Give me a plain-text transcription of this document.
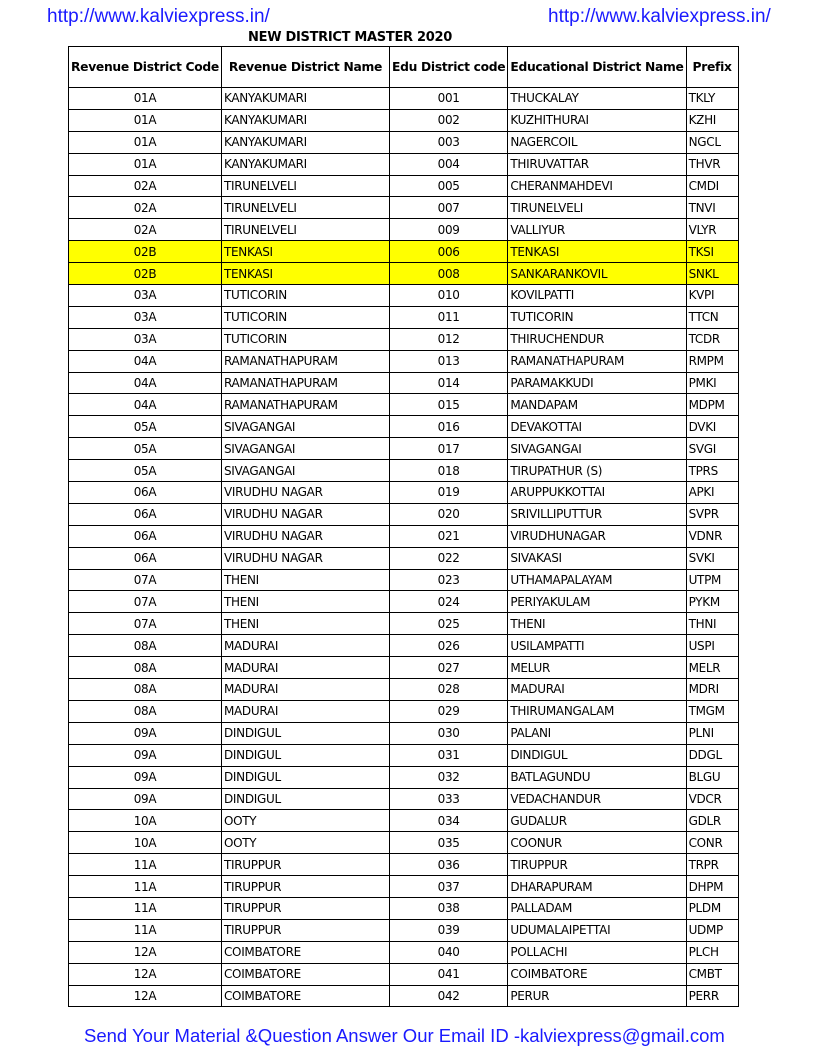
http://www.kalviexpress.in/	http://www.kalviexpress.in/
NEW DISTRICT MASTER 2020
Revenue District Code	Revenue District Name	Edu District code	Educational District Name	Prefix
01A	KANYAKUMARI	001	THUCKALAY	TKLY
01A	KANYAKUMARI	002	KUZHITHURAI	KZHI
01A	KANYAKUMARI	003	NAGERCOIL	NGCL
01A	KANYAKUMARI	004	THIRUVATTAR	THVR
02A	TIRUNELVELI	005	CHERANMAHDEVI	CMDI
02A	TIRUNELVELI	007	TIRUNELVELI	TNVI
02A	TIRUNELVELI	009	VALLIYUR	VLYR
02B	TENKASI	006	TENKASI	TKSI
02B	TENKASI	008	SANKARANKOVIL	SNKL
03A	TUTICORIN	010	KOVILPATTI	KVPI
03A	TUTICORIN	011	TUTICORIN	TTCN
03A	TUTICORIN	012	THIRUCHENDUR	TCDR
04A	RAMANATHAPURAM	013	RAMANATHAPURAM	RMPM
04A	RAMANATHAPURAM	014	PARAMAKKUDI	PMKI
04A	RAMANATHAPURAM	015	MANDAPAM	MDPM
05A	SIVAGANGAI	016	DEVAKOTTAI	DVKI
05A	SIVAGANGAI	017	SIVAGANGAI	SVGI
05A	SIVAGANGAI	018	TIRUPATHUR (S)	TPRS
06A	VIRUDHU NAGAR	019	ARUPPUKKOTTAI	APKI
06A	VIRUDHU NAGAR	020	SRIVILLIPUTTUR	SVPR
06A	VIRUDHU NAGAR	021	VIRUDHUNAGAR	VDNR
06A	VIRUDHU NAGAR	022	SIVAKASI	SVKI
07A	THENI	023	UTHAMAPALAYAM	UTPM
07A	THENI	024	PERIYAKULAM	PYKM
07A	THENI	025	THENI	THNI
08A	MADURAI	026	USILAMPATTI	USPI
08A	MADURAI	027	MELUR	MELR
08A	MADURAI	028	MADURAI	MDRI
08A	MADURAI	029	THIRUMANGALAM	TMGM
09A	DINDIGUL	030	PALANI	PLNI
09A	DINDIGUL	031	DINDIGUL	DDGL
09A	DINDIGUL	032	BATLAGUNDU	BLGU
09A	DINDIGUL	033	VEDACHANDUR	VDCR
10A	OOTY	034	GUDALUR	GDLR
10A	OOTY	035	COONUR	CONR
11A	TIRUPPUR	036	TIRUPPUR	TRPR
11A	TIRUPPUR	037	DHARAPURAM	DHPM
11A	TIRUPPUR	038	PALLADAM	PLDM
11A	TIRUPPUR	039	UDUMALAIPETTAI	UDMP
12A	COIMBATORE	040	POLLACHI	PLCH
12A	COIMBATORE	041	COIMBATORE	CMBT
12A	COIMBATORE	042	PERUR	PERR
Send Your Material &Question Answer Our Email ID -kalviexpress@gmail.com
